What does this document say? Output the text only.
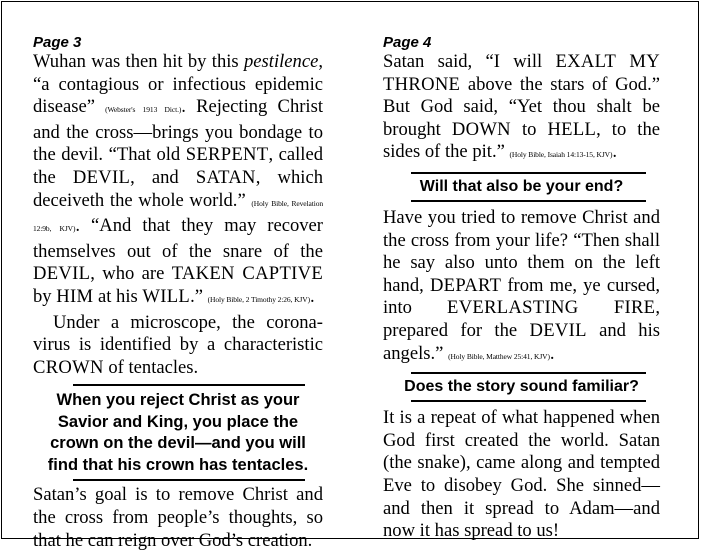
Page 3

Wuhan was then hit by this pestilence, “a contagious or infectious epidemic disease” (Webster's 1913 Dict.). Rejecting Christ and the cross—brings you bondage to the devil. “That old SERPENT, called the DEVIL, and SATAN, which deceiveth the whole world.” (Holy Bible, Revelation 12:9b, KJV). “And that they may recover themselves out of the snare of the DEVIL, who are TAKEN CAPTIVE by HIM at his WILL.” (Holy Bible, 2 Timothy 2:26, KJV).

Under a microscope, the corona-virus is identified by a characteristic CROWN of tentacles.

When you reject Christ as your Savior and King, you place the crown on the devil—and you will find that his crown has tentacles.

Satan’s goal is to remove Christ and the cross from people’s thoughts, so that he can reign over God’s creation.

Page 4

Satan said, “I will EXALT MY THRONE above the stars of God.” But God said, “Yet thou shalt be brought DOWN to HELL, to the sides of the pit.” (Holy Bible, Isaiah 14:13-15, KJV).

Will that also be your end?

Have you tried to remove Christ and the cross from your life? “Then shall he say also unto them on the left hand, DEPART from me, ye cursed, into EVERLASTING FIRE, prepared for the DEVIL and his angels.” (Holy Bible, Matthew 25:41, KJV).

Does the story sound familiar?

It is a repeat of what happened when God first created the world. Satan (the snake), came along and tempted Eve to disobey God. She sinned—and then it spread to Adam—and now it has spread to us!
